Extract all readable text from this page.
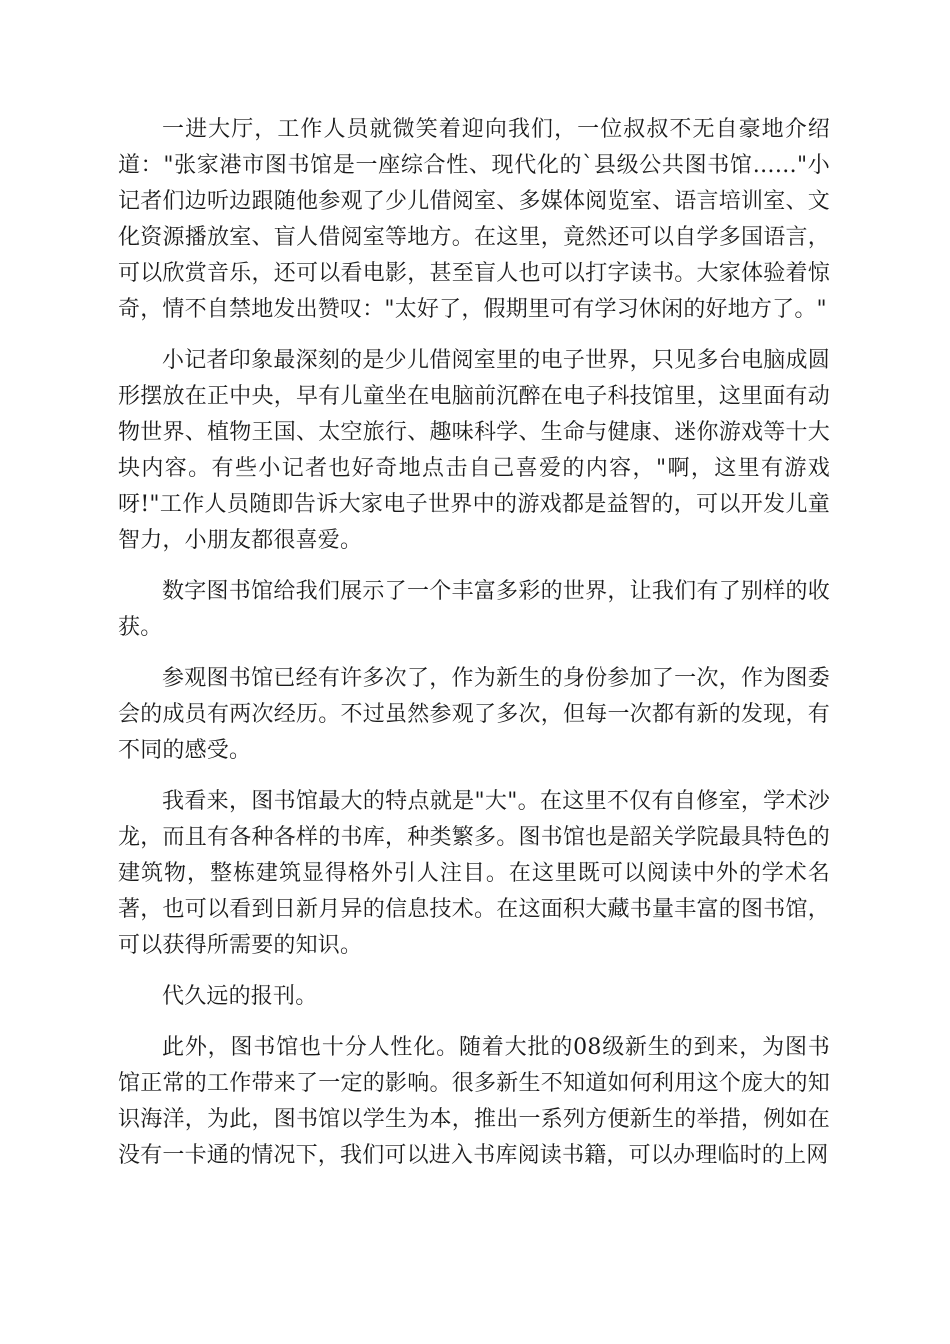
一进大厅，工作人员就微笑着迎向我们，一位叔叔不无自豪地介绍道："张家港市图书馆是一座综合性、现代化的`县级公共图书馆……"小记者们边听边跟随他参观了少儿借阅室、多媒体阅览室、语言培训室、文化资源播放室、盲人借阅室等地方。在这里，竟然还可以自学多国语言，可以欣赏音乐，还可以看电影，甚至盲人也可以打字读书。大家体验着惊奇，情不自禁地发出赞叹："太好了，假期里可有学习休闲的好地方了。"

小记者印象最深刻的是少儿借阅室里的电子世界，只见多台电脑成圆形摆放在正中央，早有儿童坐在电脑前沉醉在电子科技馆里，这里面有动物世界、植物王国、太空旅行、趣味科学、生命与健康、迷你游戏等十大块内容。有些小记者也好奇地点击自己喜爱的内容，"啊，这里有游戏呀!"工作人员随即告诉大家电子世界中的游戏都是益智的，可以开发儿童智力，小朋友都很喜爱。

数字图书馆给我们展示了一个丰富多彩的世界，让我们有了别样的收获。

参观图书馆已经有许多次了，作为新生的身份参加了一次，作为图委会的成员有两次经历。不过虽然参观了多次，但每一次都有新的发现，有不同的感受。

我看来，图书馆最大的特点就是"大"。在这里不仅有自修室，学术沙龙，而且有各种各样的书库，种类繁多。图书馆也是韶关学院最具特色的建筑物，整栋建筑显得格外引人注目。在这里既可以阅读中外的学术名著，也可以看到日新月异的信息技术。在这面积大藏书量丰富的图书馆，可以获得所需要的知识。

代久远的报刊。

此外，图书馆也十分人性化。随着大批的08级新生的到来，为图书馆正常的工作带来了一定的影响。很多新生不知道如何利用这个庞大的知识海洋，为此，图书馆以学生为本，推出一系列方便新生的举措，例如在没有一卡通的情况下，我们可以进入书库阅读书籍，可以办理临时的上网
